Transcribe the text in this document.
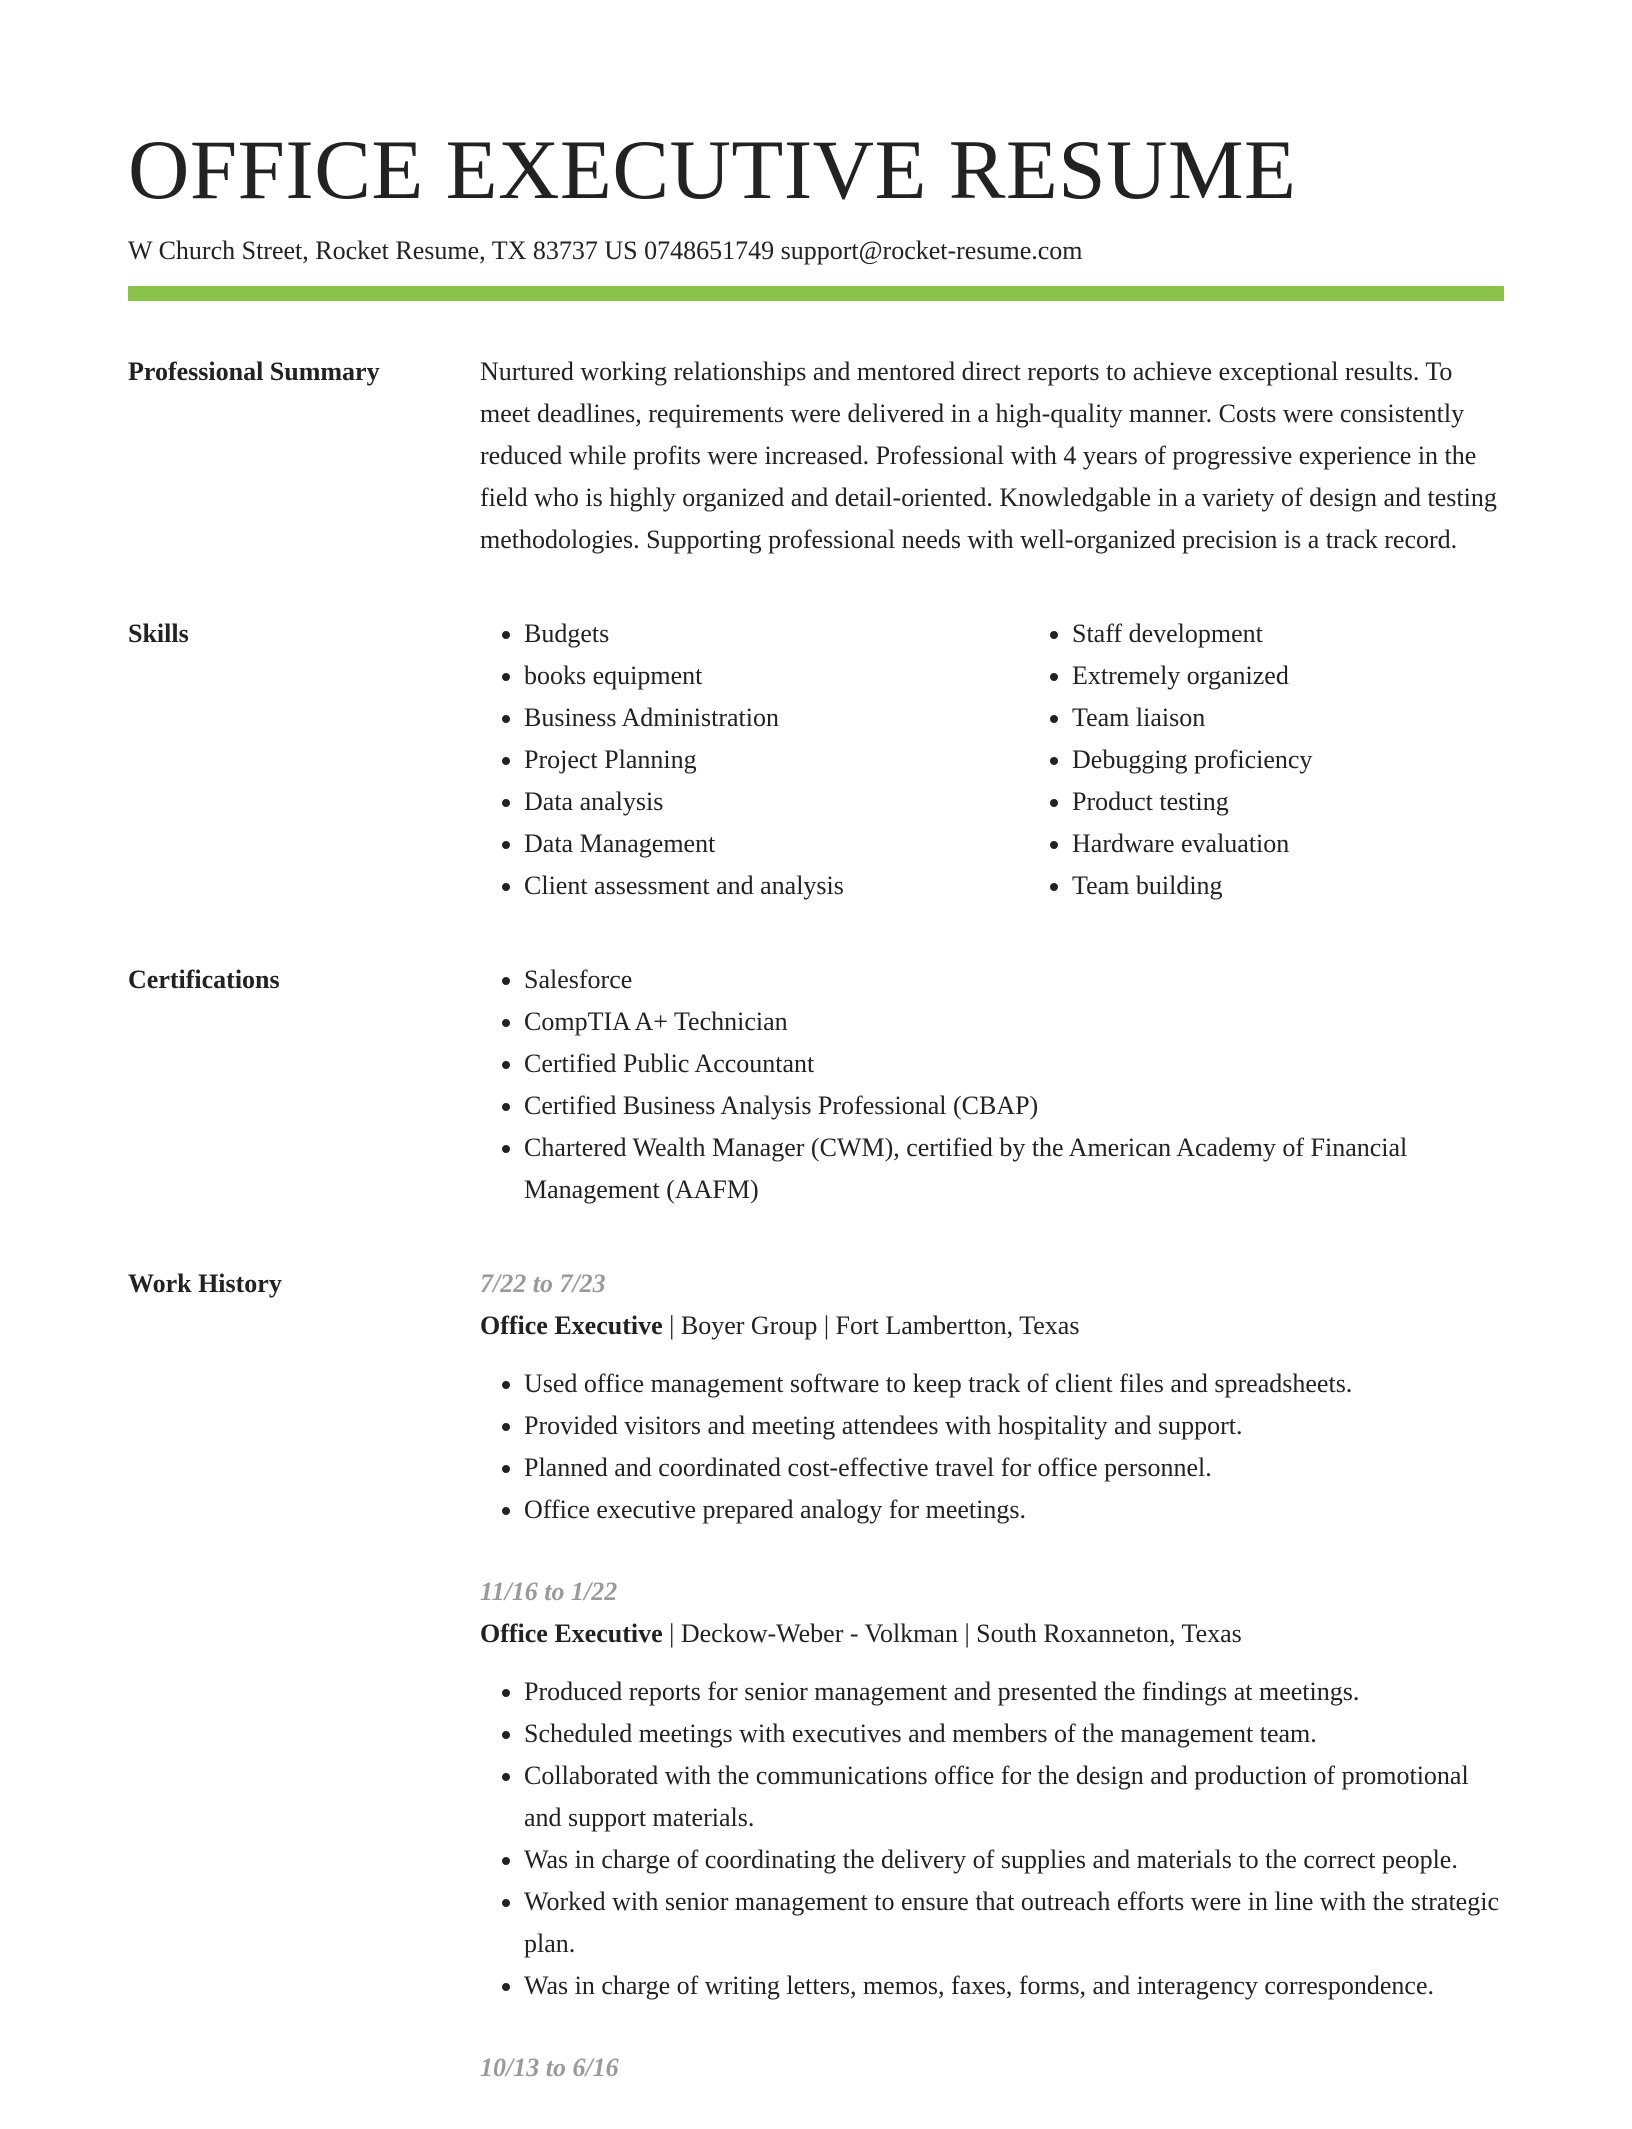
OFFICE EXECUTIVE RESUME
W Church Street, Rocket Resume, TX 83737 US 0748651749 support@rocket-resume.com
Professional Summary	Nurtured working relationships and mentored direct reports to achieve exceptional results. To meet deadlines, requirements were delivered in a high-quality manner. Costs were consistently reduced while profits were increased. Professional with 4 years of progressive experience in the field who is highly organized and detail-oriented. Knowledgable in a variety of design and testing methodologies. Supporting professional needs with well-organized precision is a track record.

Skills	• Budgets
• books equipment
• Business Administration
• Project Planning
• Data analysis
• Data Management
• Client assessment and analysis
• Staff development
• Extremely organized
• Team liaison
• Debugging proficiency
• Product testing
• Hardware evaluation
• Team building
Certifications	• Salesforce
• CompTIA A+ Technician
• Certified Public Accountant
• Certified Business Analysis Professional (CBAP)
• Chartered Wealth Manager (CWM), certified by the American Academy of Financial Management (AAFM)
Work History	7/22 to 7/23
Office Executive | Boyer Group | Fort Lambertton, Texas
• Used office management software to keep track of client files and spreadsheets.
• Provided visitors and meeting attendees with hospitality and support.
• Planned and coordinated cost-effective travel for office personnel.
• Office executive prepared analogy for meetings.
11/16 to 1/22
Office Executive | Deckow-Weber - Volkman | South Roxanneton, Texas
• Produced reports for senior management and presented the findings at meetings.
• Scheduled meetings with executives and members of the management team.
• Collaborated with the communications office for the design and production of promotional and support materials.
• Was in charge of coordinating the delivery of supplies and materials to the correct people.
• Worked with senior management to ensure that outreach efforts were in line with the strategic plan.
• Was in charge of writing letters, memos, faxes, forms, and interagency correspondence.
10/13 to 6/16
